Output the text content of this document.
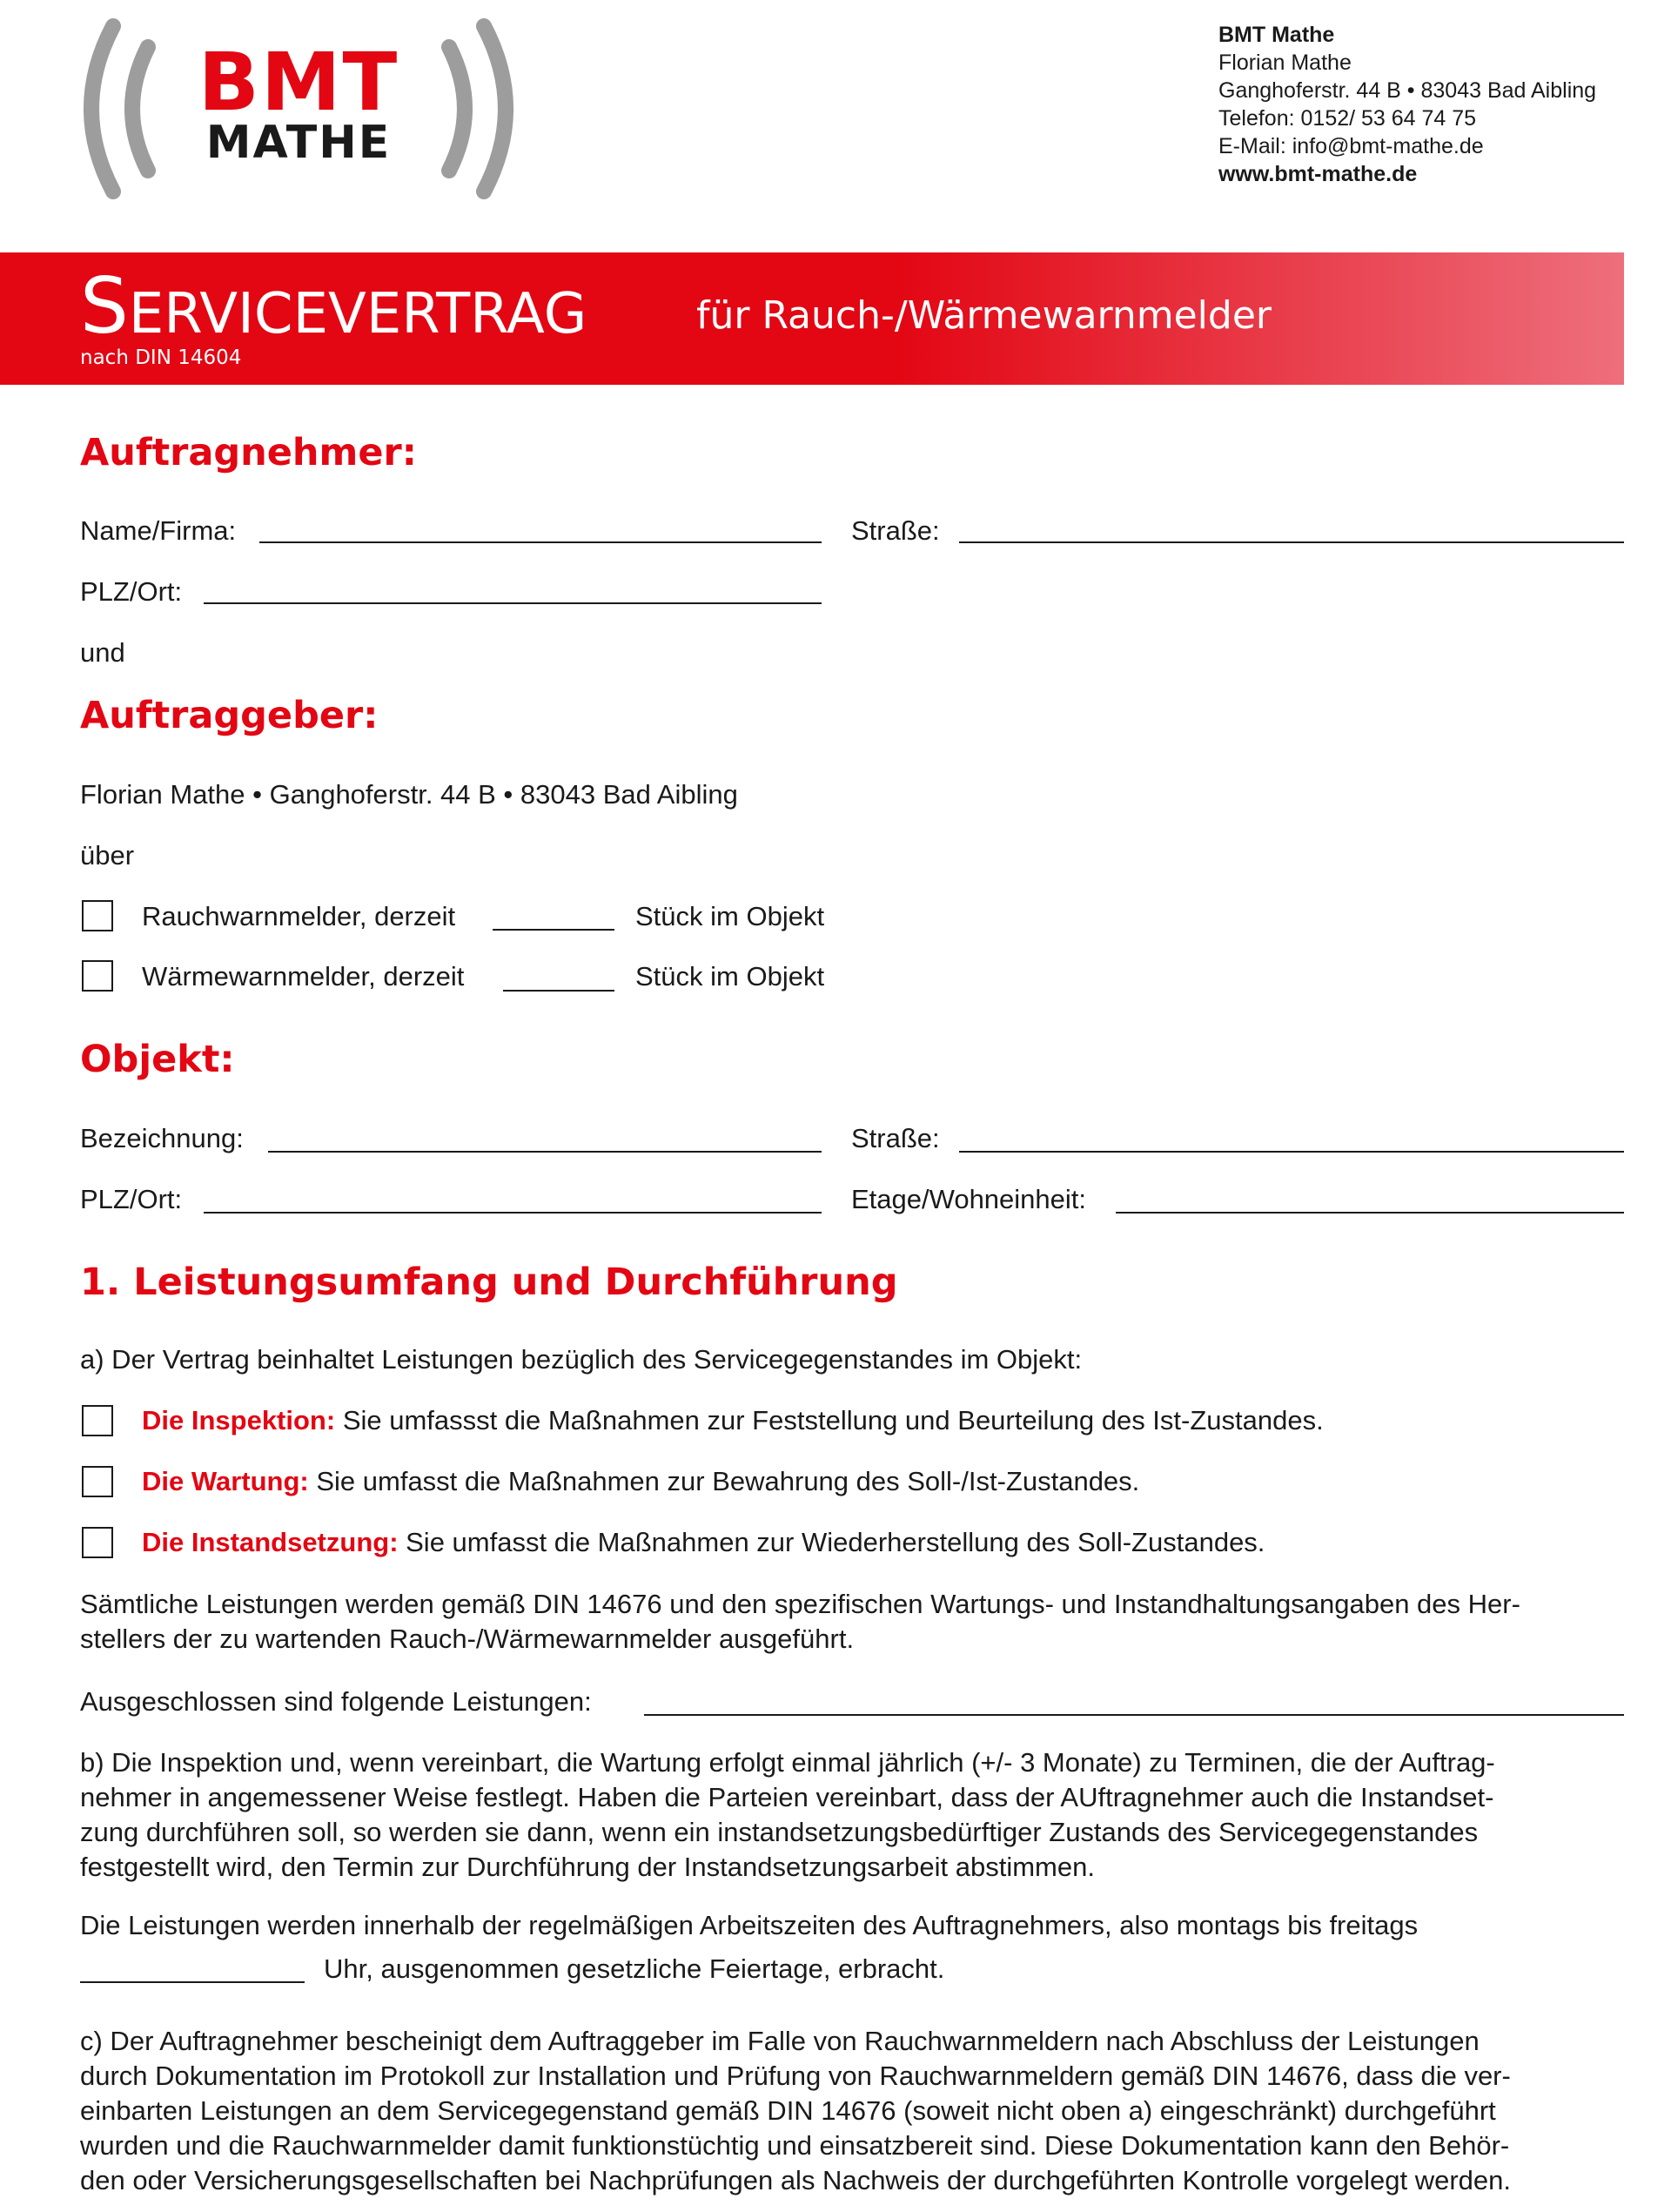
BMT
MATHE
BMT Mathe
Florian Mathe
Ganghoferstr. 44 B • 83043 Bad Aibling
Telefon: 0152/ 53 64 74 75
E-Mail: info@bmt-mathe.de
www.bmt-mathe.de
SERVICEVERTRAG	für Rauch-/Wärmewarnmelder
nach DIN 14604
Auftragnehmer:
Name/Firma:	Straße:
PLZ/Ort:
und
Auftraggeber:
Florian Mathe • Ganghoferstr. 44 B • 83043 Bad Aibling
über
Rauchwarnmelder, derzeit	Stück im Objekt
Wärmewarnmelder, derzeit	Stück im Objekt
Objekt:
Bezeichnung:	Straße:
PLZ/Ort:	Etage/Wohneinheit:
1. Leistungsumfang und Durchführung
a) Der Vertrag beinhaltet Leistungen bezüglich des Servicegegenstandes im Objekt:
Die Inspektion: Sie umfassst die Maßnahmen zur Feststellung und Beurteilung des Ist-Zustandes.
Die Wartung: Sie umfasst die Maßnahmen zur Bewahrung des Soll-/Ist-Zustandes.
Die Instandsetzung: Sie umfasst die Maßnahmen zur Wiederherstellung des Soll-Zustandes.
Sämtliche Leistungen werden gemäß DIN 14676 und den spezifischen Wartungs- und Instandhaltungsangaben des Her-
stellers der zu wartenden Rauch-/Wärmewarnmelder ausgeführt.
Ausgeschlossen sind folgende Leistungen:
b) Die Inspektion und, wenn vereinbart, die Wartung erfolgt einmal jährlich (+/- 3 Monate) zu Terminen, die der Auftrag-
nehmer in angemessener Weise festlegt. Haben die Parteien vereinbart, dass der AUftragnehmer auch die Instandset-
zung durchführen soll, so werden sie dann, wenn ein instandsetzungsbedürftiger Zustands des Servicegegenstandes
festgestellt wird, den Termin zur Durchführung der Instandsetzungsarbeit abstimmen.
Die Leistungen werden innerhalb der regelmäßigen Arbeitszeiten des Auftragnehmers, also montags bis freitags
Uhr, ausgenommen gesetzliche Feiertage, erbracht.
c) Der Auftragnehmer bescheinigt dem Auftraggeber im Falle von Rauchwarnmeldern nach Abschluss der Leistungen
durch Dokumentation im Protokoll zur Installation und Prüfung von Rauchwarnmeldern gemäß DIN 14676, dass die ver-
einbarten Leistungen an dem Servicegegenstand gemäß DIN 14676 (soweit nicht oben a) eingeschränkt) durchgeführt
wurden und die Rauchwarnmelder damit funktionstüchtig und einsatzbereit sind. Diese Dokumentation kann den Behör-
den oder Versicherungsgesellschaften bei Nachprüfungen als Nachweis der durchgeführten Kontrolle vorgelegt werden.
